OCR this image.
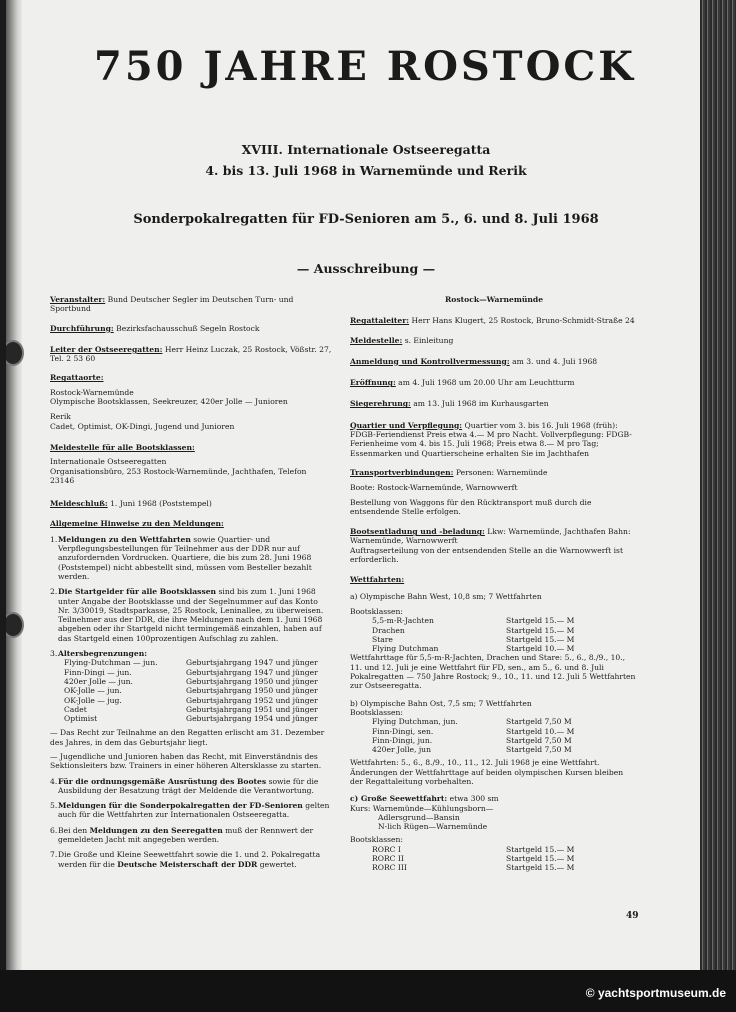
750 JAHRE ROSTOCK
XVIII. Internationale Ostseeregatta
4. bis 13. Juli 1968 in Warnemünde und Rerik
Sonderpokalregatten für FD-Senioren am 5., 6. und 8. Juli 1968
— Ausschreibung —

Veranstalter: Bund Deutscher Segler im Deutschen Turn- und Sportbund

Durchführung: Bezirksfachausschuß Segeln Rostock

Leiter der Ostseeregatten: Herr Heinz Luczak, 25 Rostock, Vößstr. 27, Tel. 2 53 60

Regattaorte:

Rostock-Warnemünde

Olympische Bootsklassen, Seekreuzer, 420er Jolle — Junioren

Rerik

Cadet, Optimist, OK-Dingi, Jugend und Junioren

Meldestelle für alle Bootsklassen:

Internationale Ostseeregatten

Organisationsbüro, 253 Rostock-Warnemünde, Jachthafen, Telefon 23146

Meldeschluß: 1. Juni 1968 (Poststempel)

Allgemeine Hinweise zu den Meldungen:

1. Meldungen zu den Wettfahrten sowie Quartier- und Verpflegungsbestellungen für Teilnehmer aus der DDR nur auf anzufordernden Vordrucken. Quartiere, die bis zum 28. Juni 1968 (Poststempel) nicht abbestellt sind, müssen vom Besteller bezahlt werden.
2. Die Startgelder für alle Bootsklassen sind bis zum 1. Juni 1968 unter Angabe der Bootsklasse und der Segelnummer auf das Konto Nr. 3/30019, Stadtsparkasse, 25 Rostock, Leninallee, zu überweisen. Teilnehmer aus der DDR, die ihre Meldungen nach dem 1. Juni 1968 abgeben oder ihr Startgeld nicht termingemäß einzahlen, haben auf das Startgeld einen 100prozentigen Aufschlag zu zahlen.
3. Altersbegrenzungen:
Flying-Dutchman — jun.	Geburtsjahrgang 1947 und jünger
Finn-Dingi — jun.	Geburtsjahrgang 1947 und jünger
420er Jolle — jun.	Geburtsjahrgang 1950 und jünger
OK-Jolle — jun.	Geburtsjahrgang 1950 und jünger
OK-Jolle — jug.	Geburtsjahrgang 1952 und jünger
Cadet	Geburtsjahrgang 1951 und jünger
Optimist	Geburtsjahrgang 1954 und jünger

— Das Recht zur Teilnahme an den Regatten erlischt am 31. Dezember des Jahres, in dem das Geburtsjahr liegt.

— Jugendliche und Junioren haben das Recht, mit Einverständnis des Sektionsleiters bzw. Trainers in einer höheren Altersklasse zu starten.

4. Für die ordnungsgemäße Ausrüstung des Bootes sowie für die Ausbildung der Besatzung trägt der Meldende die Verantwortung.
5. Meldungen für die Sonderpokalregatten der FD-Senioren gelten auch für die Wettfahrten zur Internationalen Ostseeregatta.
6. Bei den Meldungen zu den Seeregatten muß der Rennwert der gemeldeten Jacht mit angegeben werden.
7. Die Große und Kleine Seewettfahrt sowie die 1. und 2. Pokalregatta werden für die Deutsche Meisterschaft der DDR gewertet.

Rostock—Warnemünde

Regattaleiter: Herr Hans Klugert, 25 Rostock, Bruno-Schmidt-Straße 24

Meldestelle: s. Einleitung

Anmeldung und Kontrollvermessung: am 3. und 4. Juli 1968

Eröffnung: am 4. Juli 1968 um 20.00 Uhr am Leuchtturm

Siegerehrung: am 13. Juli 1968 im Kurhausgarten

Quartier und Verpflegung: Quartier vom 3. bis 16. Juli 1968 (früh): FDGB-Feriendienst Preis etwa 4.— M pro Nacht. Vollverpflegung: FDGB-Ferienheime vom 4. bis 15. Juli 1968; Preis etwa 8.— M pro Tag; Essenmarken und Quartierscheine erhalten Sie im Jachthafen

Transportverbindungen: Personen: Warnemünde

Boote: Rostock-Warnemünde, Warnowwerft

Bestellung von Waggons für den Rücktransport muß durch die entsendende Stelle erfolgen.

Bootsentladung und -beladung: Lkw: Warnemünde, Jachthafen Bahn: Warnemünde, Warnowwerft

Auftragserteilung von der entsendenden Stelle an die Warnowwerft ist erforderlich.

Wettfahrten:

a) Olympische Bahn West, 10,8 sm; 7 Wettfahrten

Bootsklassen:

5,5-m-R-Jachten	Startgeld 15.— M
Drachen	Startgeld 15.— M
Stare	Startgeld 15.— M
Flying Dutchman	Startgeld 10.— M

Wettfahrttage für 5,5-m-R-Jachten, Drachen und Stare: 5., 6., 8./9., 10., 11. und 12. Juli je eine Wettfahrt für FD, sen., am 5., 6. und 8. Juli Pokalregatten — 750 Jahre Rostock; 9., 10., 11. und 12. Juli 5 Wettfahrten zur Ostseeregatta.

b) Olympische Bahn Ost, 7,5 sm; 7 Wettfahrten

Bootsklassen:

Flying Dutchman, jun.	Startgeld 7,50 M
Finn-Dingi, sen.	Startgeld 10.— M
Finn-Dingi, jun.	Startgeld 7,50 M
420er Jolle, jun	Startgeld 7,50 M

Wettfahrten: 5., 6., 8./9., 10., 11., 12. Juli 1968 je eine Wettfahrt. Änderungen der Wettfahrttage auf beiden olympischen Kursen bleiben der Regattaleitung vorbehalten.

c) Große Seewettfahrt: etwa 300 sm

Kurs: Warnemünde—Kühlungsborn—

Adlersgrund—Bansin

N-lich Rügen—Warnemünde

Bootsklassen:

RORC I	Startgeld 15.— M
RORC II	Startgeld 15.— M
RORC III	Startgeld 15.— M
49
© yachtsportmuseum.de
